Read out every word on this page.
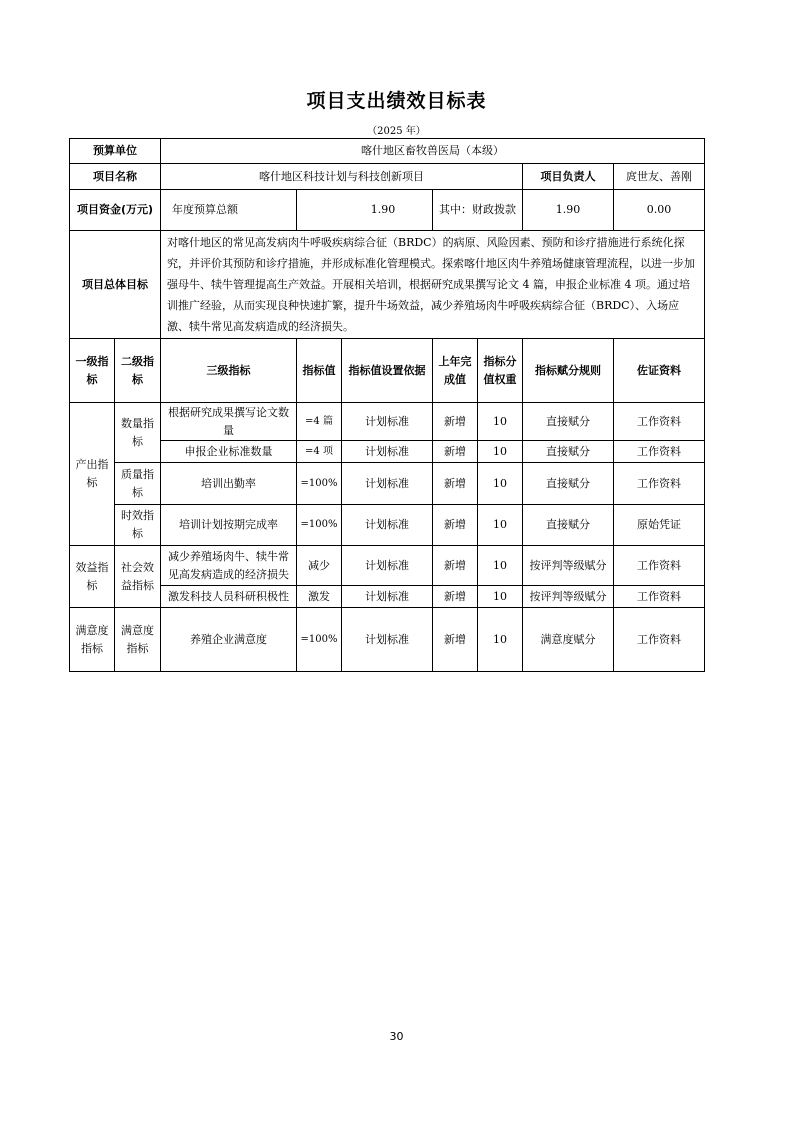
项目支出绩效目标表
（2025 年）
预算单位		喀什地区畜牧兽医局（本级）						
项目名称		喀什地区科技计划与科技创新项目					项目负责人	庹世友、善刚
项目资金(万元)		年度预算总额	1.90		其中：财政拨款		1.90	0.00

项目总体目标		对喀什地区的常见高发病肉牛呼吸疾病综合征（BRDC）的病原、风险因素、预防和诊疗措施进行系统化探究，并评价其预防和诊疗措施，并形成标准化管理模式。探索喀什地区肉牛养殖场健康管理流程，以进一步加强母牛、犊牛管理提高生产效益。开展相关培训，根据研究成果撰写论文 4 篇，申报企业标准 4 项。通过培训推广经验，从而实现良种快速扩繁，提升牛场效益，减少养殖场肉牛呼吸疾病综合征（BRDC）、入场应激、犊牛常见高发病造成的经济损失。						
一级指标	二级指标	三级指标	指标值	指标值设置依据	上年完成值	指标分值权重	指标赋分规则	佐证资料
产出指标	数量指标	根据研究成果撰写论文数量	=4 篇	计划标准	新增	10	直接赋分	工作资料
		申报企业标准数量	=4 项	计划标准	新增	10	直接赋分	工作资料
	质量指标	培训出勤率	=100%	计划标准	新增	10	直接赋分	工作资料
	时效指标	培训计划按期完成率	=100%	计划标准	新增	10	直接赋分	原始凭证
效益指标	社会效益指标	减少养殖场肉牛、犊牛常见高发病造成的经济损失	减少	计划标准	新增	10	按评判等级赋分	工作资料
		激发科技人员科研积极性	激发	计划标准	新增	10	按评判等级赋分	工作资料
满意度指标	满意度指标	养殖企业满意度	=100%	计划标准	新增	10	满意度赋分	工作资料
30
